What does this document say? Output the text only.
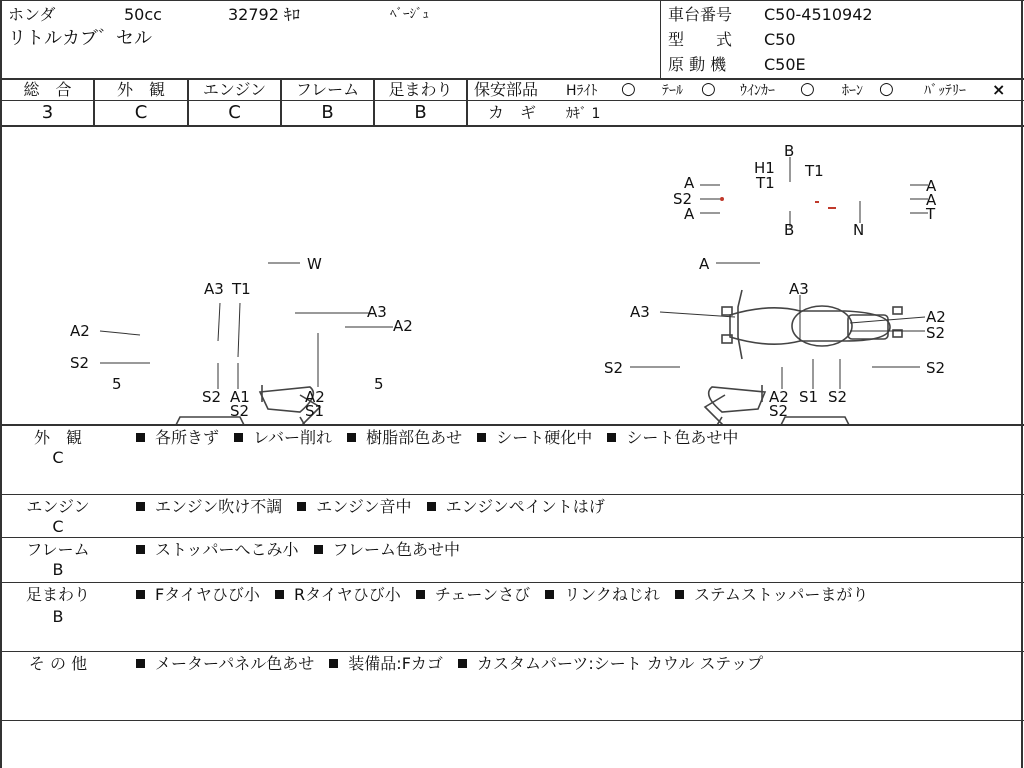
ホンダ	50cc	32792 ｷﾛ	ﾍﾞｰｼﾞｭ
リトルカブ゛セル
車台番号 C50-4510942
型　　式 C50
原 動 機 C50E
総　合
3
外　観
C
エンジン
C
フレーム
B
足まわり
B
保安部品 Hﾗｲﾄ ○ ﾃｰﾙ ○ ｳｲﾝｶｰ ○ ﾎｰﾝ ○ ﾊﾞｯﾃﾘｰ ×
カ　ギ ｶｷﾞ 1
B
H1 T1
A	T1
S2
A
A
A
T
B	N
W
A3 T1
A3
A2	A2
S2
5
S2 A1
S2
A2
S1
5
A
A3
A3	A2
S2
S2	S2
A2 S1 S2
S2
外　観
C
各所きず レバー削れ 樹脂部色あせ シート硬化中 シート色あせ中
エンジン
C
エンジン吹け不調 エンジン音中 エンジンペイントはげ
フレーム
B
ストッパーへこみ小 フレーム色あせ中
足まわり
B
Fタイヤひび小 Rタイヤひび小 チェーンさび リンクねじれ ステムストッパーまがり
そ の 他	メーターパネル色あせ 装備品:Fカゴ カスタムパーツ:シート カウル ステップ
